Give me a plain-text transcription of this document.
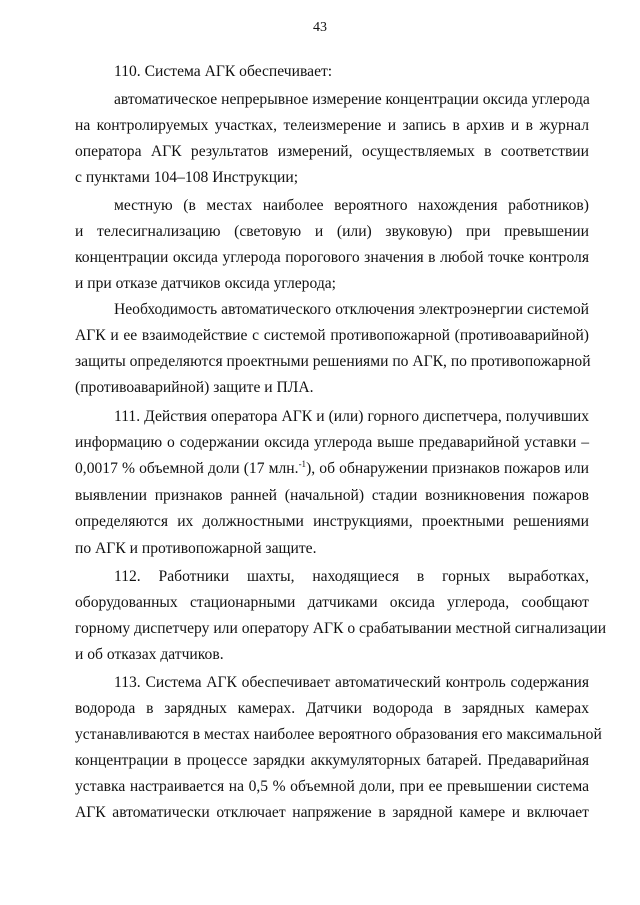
43
110. Система АГК обеспечивает:
автоматическое непрерывное измерение концентрации оксида углерода
на контролируемых участках, телеизмерение и запись в архив и в журнал
оператора АГК результатов измерений, осуществляемых в соответствии
с пунктами 104–108 Инструкции;
местную (в местах наиболее вероятного нахождения работников)
и телесигнализацию (световую и (или) звуковую) при превышении
концентрации оксида углерода порогового значения в любой точке контроля
и при отказе датчиков оксида углерода;
Необходимость автоматического отключения электроэнергии системой
АГК и ее взаимодействие с системой противопожарной (противоаварийной)
защиты определяются проектными решениями по АГК, по противопожарной
(противоаварийной) защите и ПЛА.
111. Действия оператора АГК и (или) горного диспетчера, получивших
информацию о содержании оксида углерода выше предаварийной уставки –
0,0017 % объемной доли (17 млн.$^{-1}$), об обнаружении признаков пожаров или
выявлении признаков ранней (начальной) стадии возникновения пожаров
определяются их должностными инструкциями, проектными решениями
по АГК и противопожарной защите.
112. Работники шахты, находящиеся в горных выработках,
оборудованных стационарными датчиками оксида углерода, сообщают
горному диспетчеру или оператору АГК о срабатывании местной сигнализации
и об отказах датчиков.
113. Система АГК обеспечивает автоматический контроль содержания
водорода в зарядных камерах. Датчики водорода в зарядных камерах
устанавливаются в местах наиболее вероятного образования его максимальной
концентрации в процессе зарядки аккумуляторных батарей. Предаварийная
уставка настраивается на 0,5 % объемной доли, при ее превышении система
АГК автоматически отключает напряжение в зарядной камере и включает
